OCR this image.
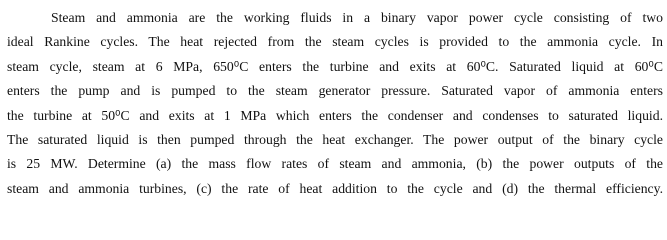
Steam and ammonia are the working fluids in a binary vapor power cycle consisting of two
ideal Rankine cycles. The heat rejected from the steam cycles is provided to the ammonia cycle. In
steam cycle, steam at 6 MPa, 650⁰C enters the turbine and exits at 60⁰C. Saturated liquid at 60⁰C
enters the pump and is pumped to the steam generator pressure. Saturated vapor of ammonia enters
the turbine at 50⁰C and exits at 1 MPa which enters the condenser and condenses to saturated liquid.
The saturated liquid is then pumped through the heat exchanger. The power output of the binary cycle
is 25 MW. Determine (a) the mass flow rates of steam and ammonia, (b) the power outputs of the
steam and ammonia turbines, (c) the rate of heat addition to the cycle and (d) the thermal efficiency.
